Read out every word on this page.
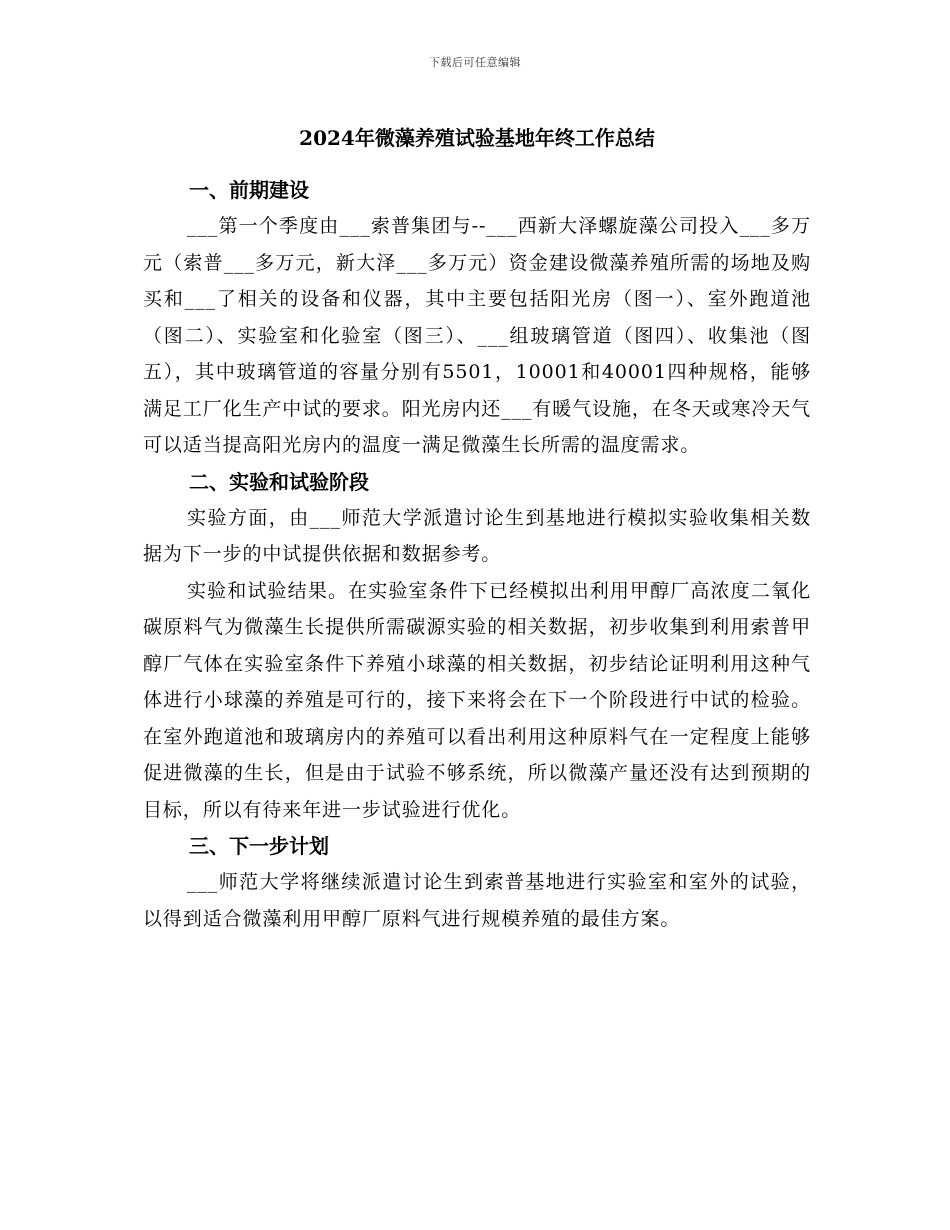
下载后可任意编辑
2024年微藻养殖试验基地年终工作总结
一、前期建设

___第一个季度由___索普集团与--___西新大泽螺旋藻公司投入___多万元（索普___多万元，新大泽___多万元）资金建设微藻养殖所需的场地及购买和___了相关的设备和仪器，其中主要包括阳光房（图一）、室外跑道池（图二）、实验室和化验室（图三）、___组玻璃管道（图四）、收集池（图五），其中玻璃管道的容量分别有5501，10001和40001四种规格，能够满足工厂化生产中试的要求。阳光房内还___有暖气设施，在冬天或寒冷天气可以适当提高阳光房内的温度一满足微藻生长所需的温度需求。

二、实验和试验阶段

实验方面，由___师范大学派遣讨论生到基地进行模拟实验收集相关数据为下一步的中试提供依据和数据参考。

实验和试验结果。在实验室条件下已经模拟出利用甲醇厂高浓度二氧化碳原料气为微藻生长提供所需碳源实验的相关数据，初步收集到利用索普甲醇厂气体在实验室条件下养殖小球藻的相关数据，初步结论证明利用这种气体进行小球藻的养殖是可行的，接下来将会在下一个阶段进行中试的检验。在室外跑道池和玻璃房内的养殖可以看出利用这种原料气在一定程度上能够促进微藻的生长，但是由于试验不够系统，所以微藻产量还没有达到预期的目标，所以有待来年进一步试验进行优化。

三、下一步计划

___师范大学将继续派遣讨论生到索普基地进行实验室和室外的试验，以得到适合微藻利用甲醇厂原料气进行规模养殖的最佳方案。
